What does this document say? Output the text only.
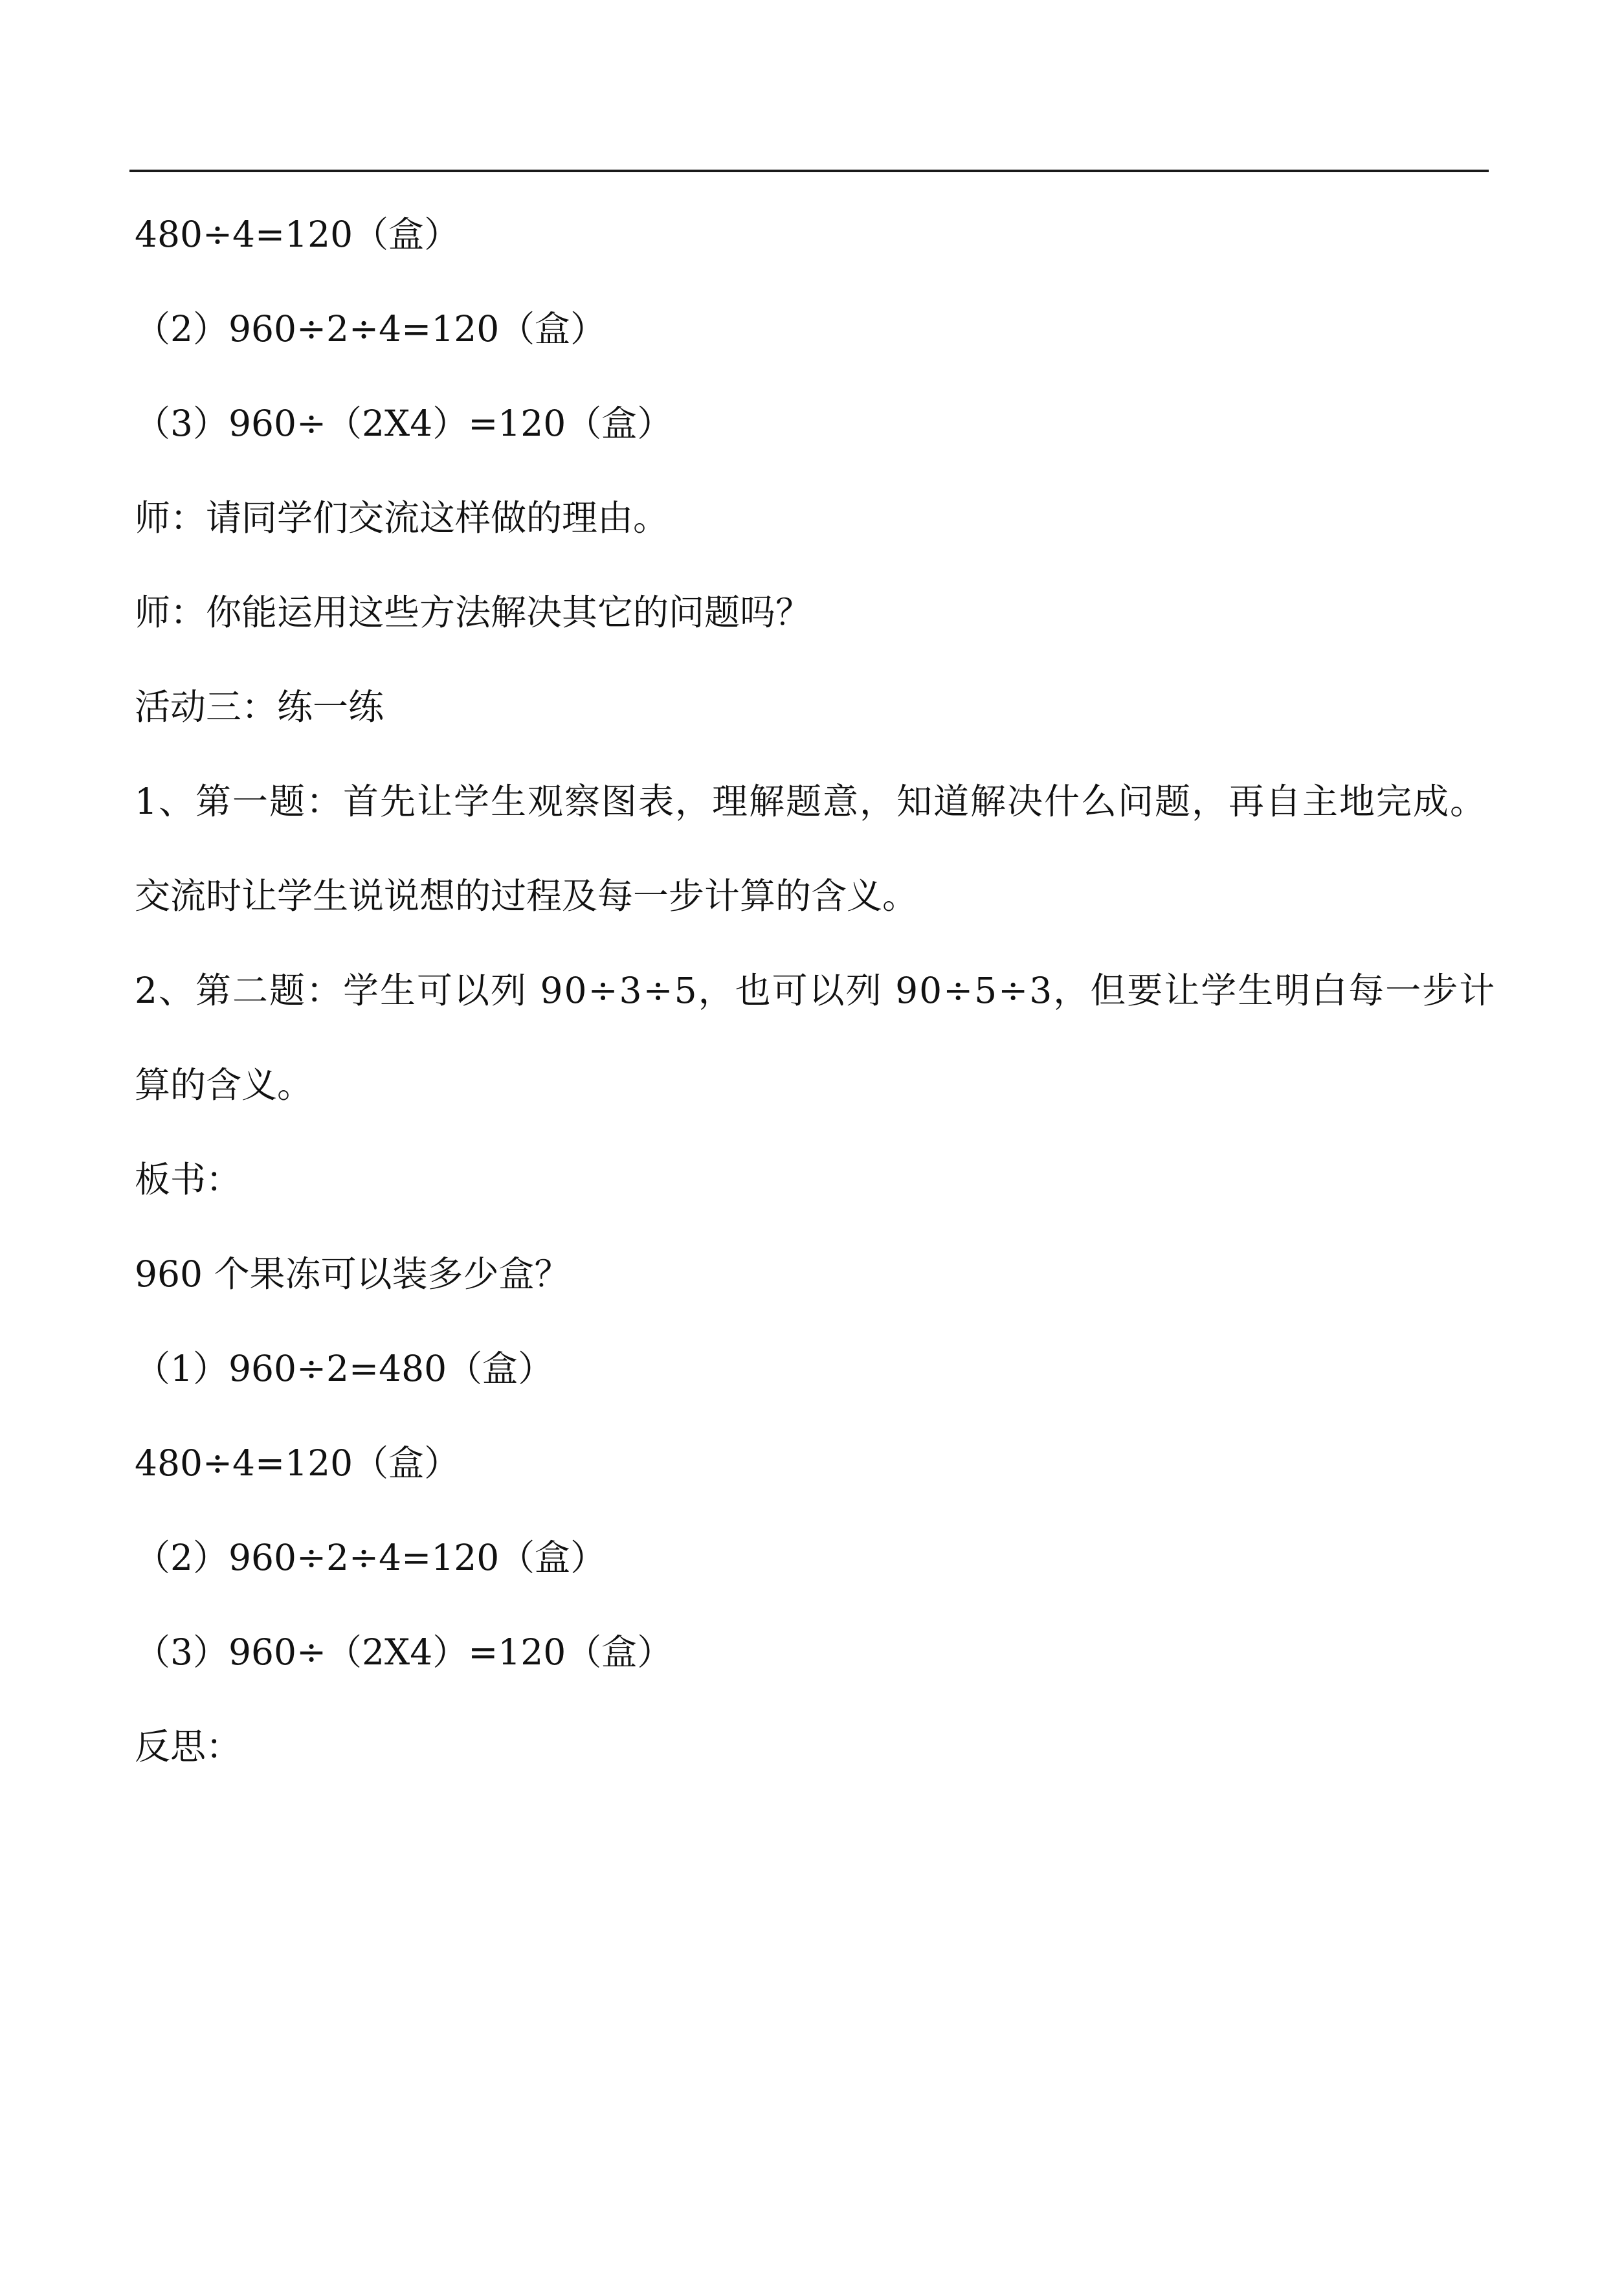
480÷4=120（盒）
（2）960÷2÷4=120（盒）
（3）960÷（2X4）=120（盒）
师：请同学们交流这样做的理由。
师：你能运用这些方法解决其它的问题吗？
活动三：练一练
1、第一题：首先让学生观察图表，理解题意，知道解决什么问题，再自主地完成。
交流时让学生说说想的过程及每一步计算的含义。
2、第二题：学生可以列 90÷3÷5，也可以列 90÷5÷3，但要让学生明白每一步计
算的含义。
板书：
960 个果冻可以装多少盒？
（1）960÷2=480（盒）
480÷4=120（盒）
（2）960÷2÷4=120（盒）
（3）960÷（2X4）=120（盒）
反思：
